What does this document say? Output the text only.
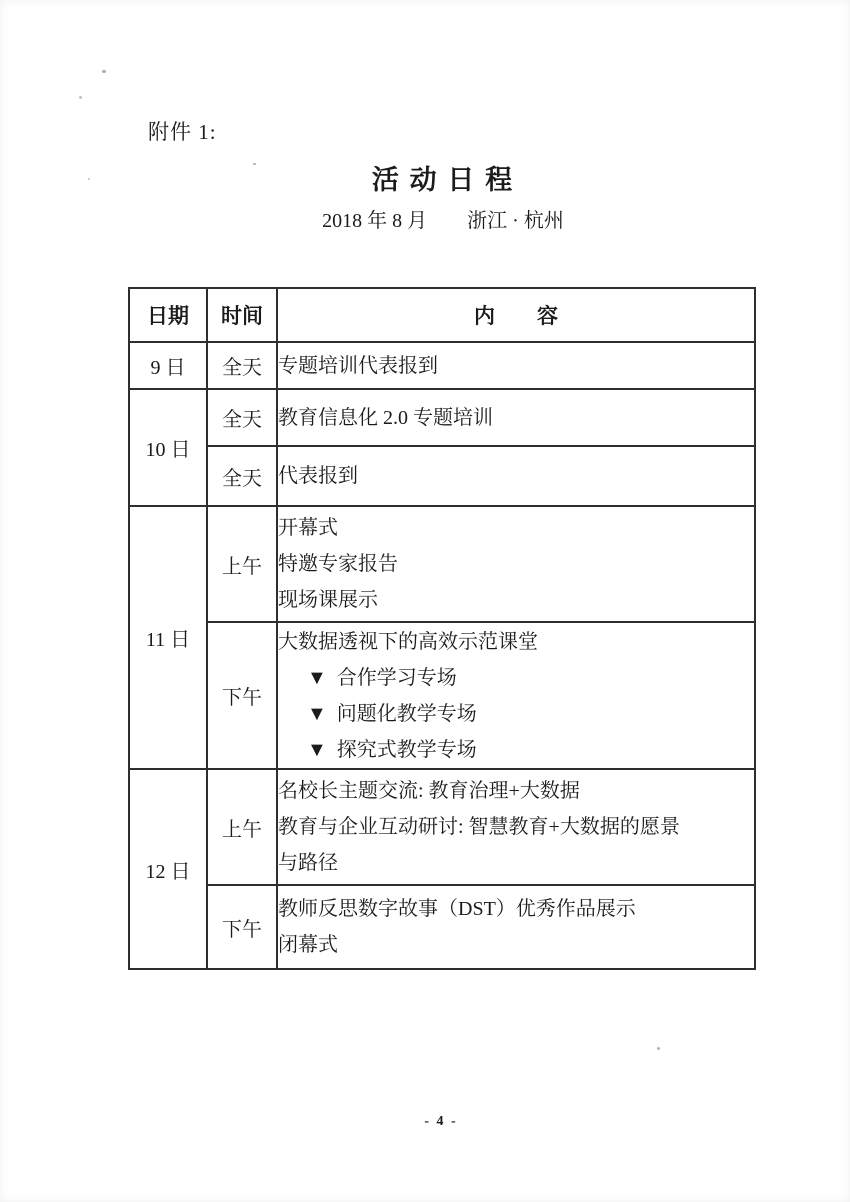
附件 1:
活 动 日 程
2018 年 8 月　　浙江 · 杭州
日期	时间	内　　容
9 日	全天	专题培训代表报到

10 日	全天	教育信息化 2.0 专题培训

	全天	代表报到

11 日	上午	开幕式
特邀专家报告
现场课展示

	下午	大数据透视下的高效示范课堂
▼  合作学习专场
▼  问题化教学专场
▼  探究式教学专场

12 日	上午	名校长主题交流: 教育治理+大数据
教育与企业互动研讨: 智慧教育+大数据的愿景
与路径

	下午	教师反思数字故事（DST）优秀作品展示
闭幕式
- 4 -
